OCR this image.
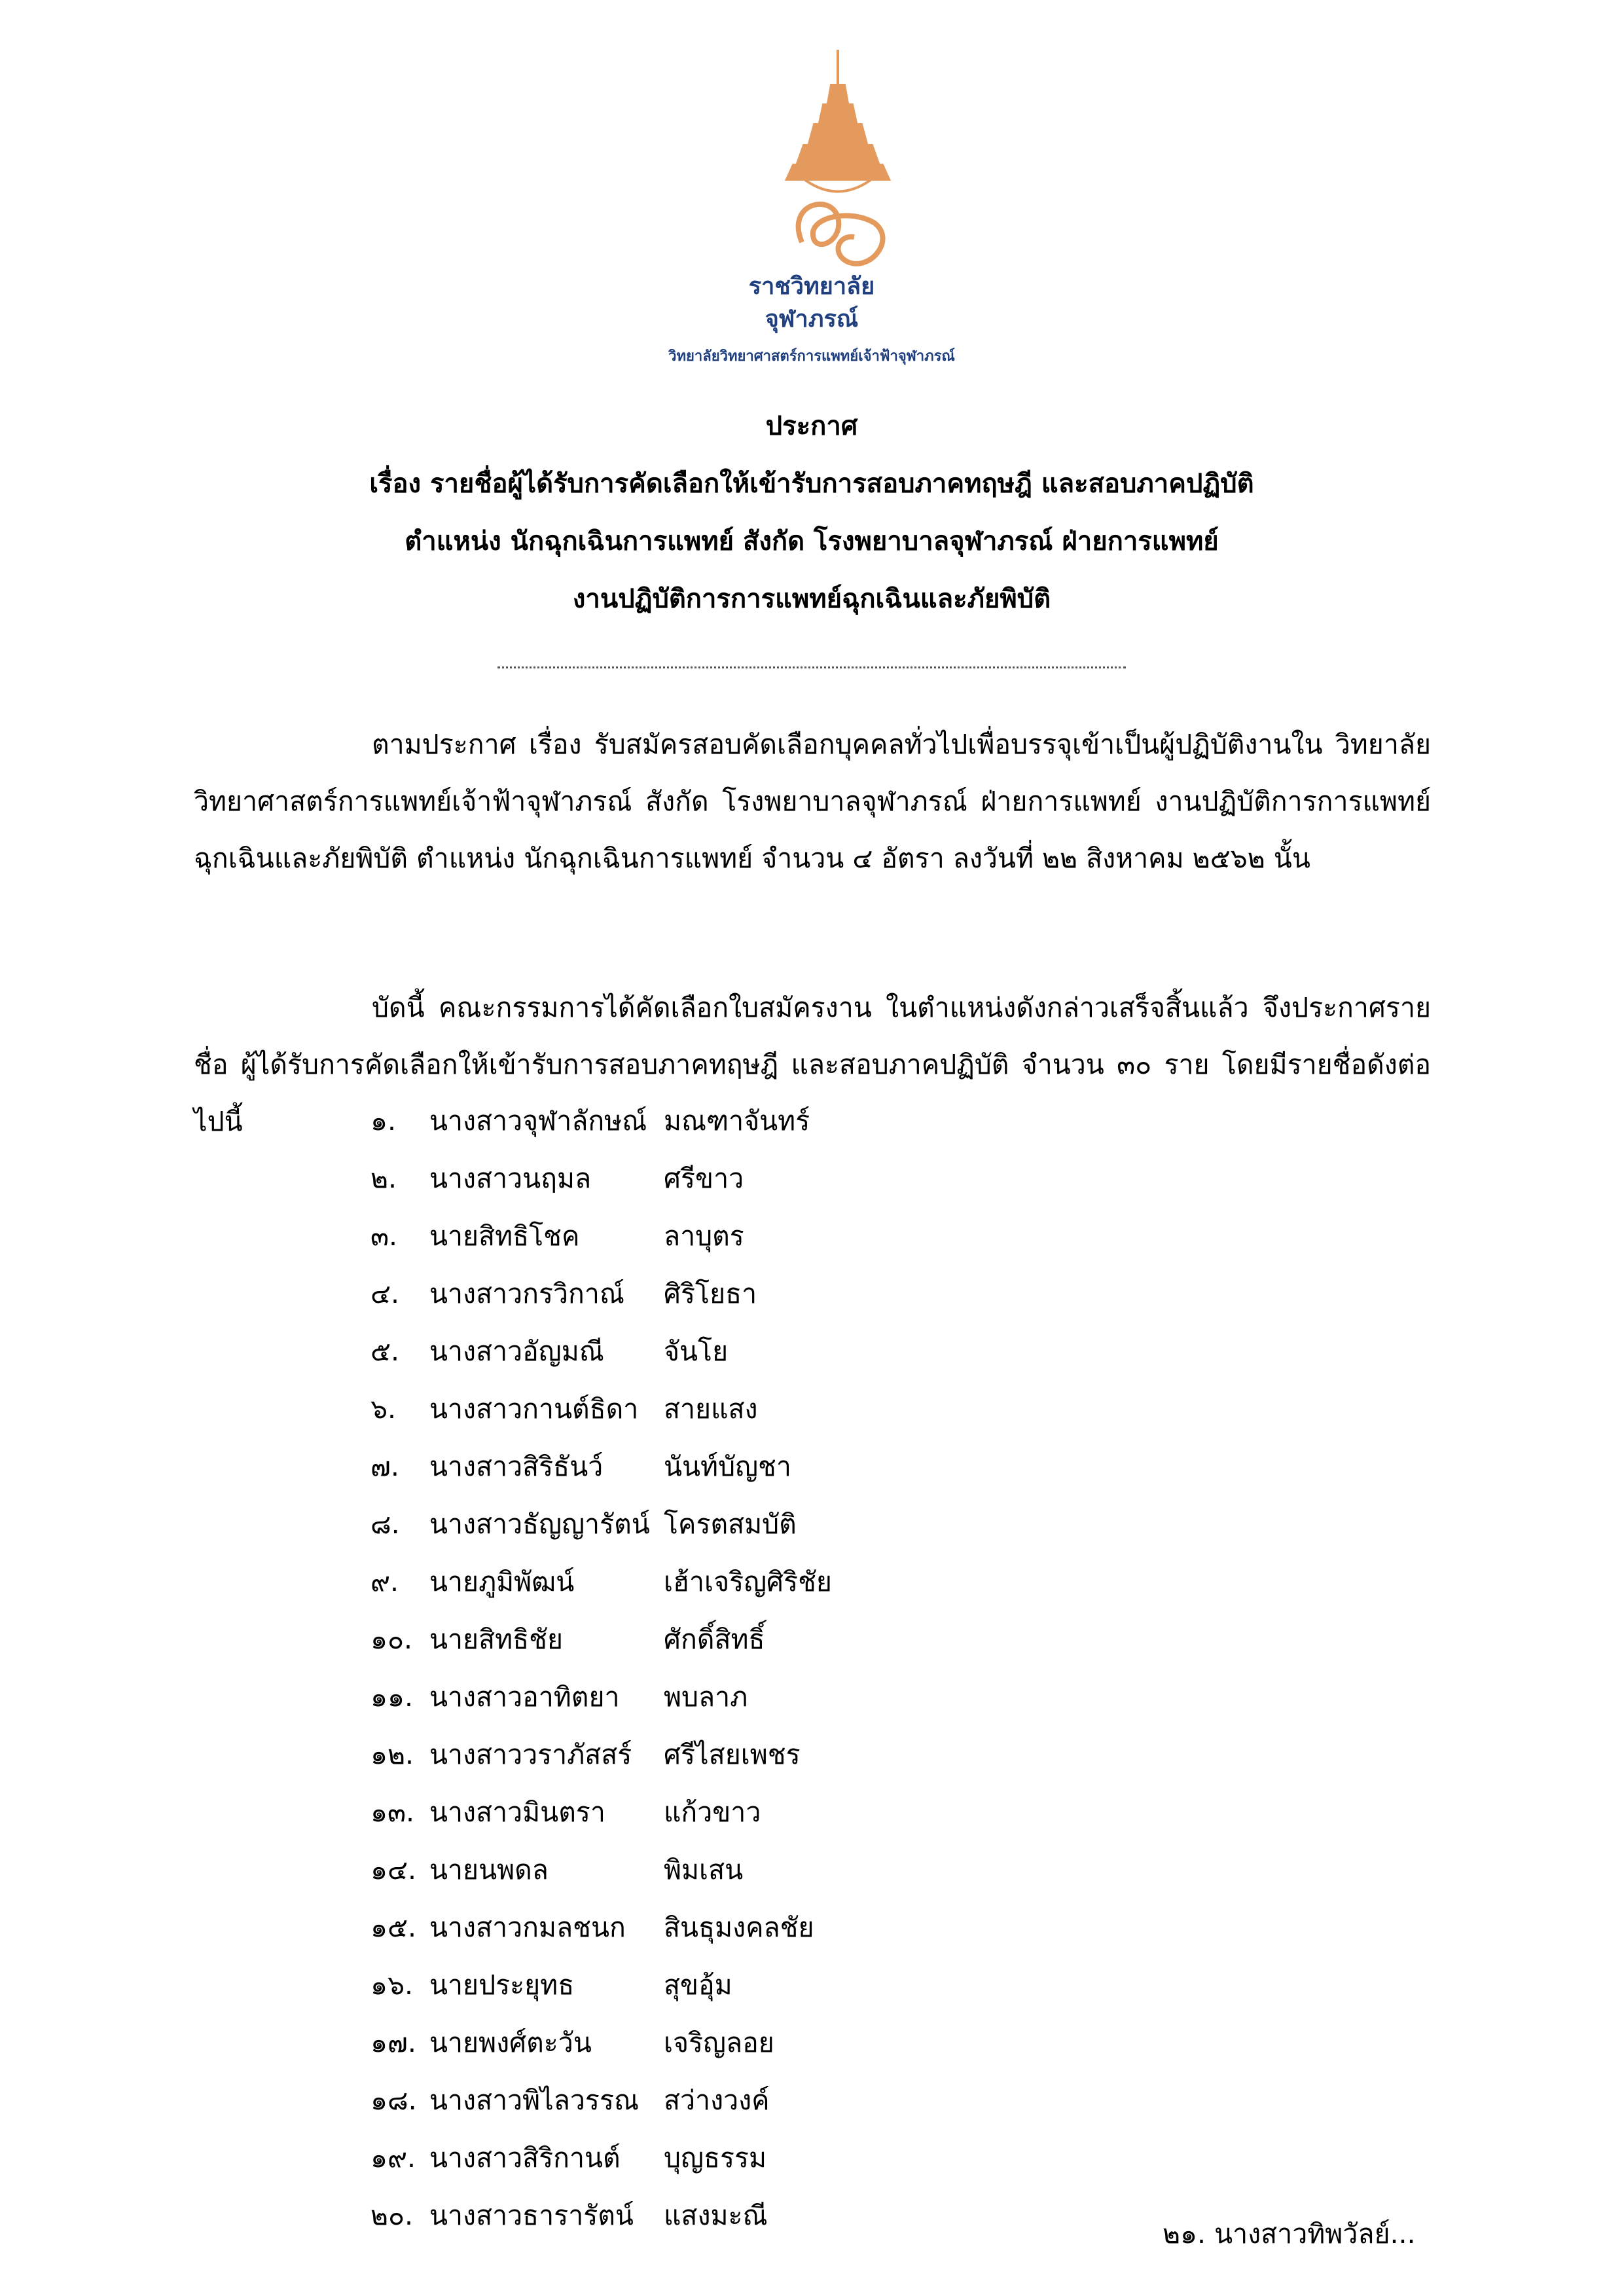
ราชวิทยาลัย
จุฬาภรณ์
วิทยาลัยวิทยาศาสตร์การแพทย์เจ้าฟ้าจุฬาภรณ์
ประกาศ
เรื่อง รายชื่อผู้ได้รับการคัดเลือกให้เข้ารับการสอบภาคทฤษฎี และสอบภาคปฏิบัติ
ตำแหน่ง นักฉุกเฉินการแพทย์ สังกัด โรงพยาบาลจุฬาภรณ์ ฝ่ายการแพทย์
งานปฏิบัติการการแพทย์ฉุกเฉินและภัยพิบัติ

ตามประกาศ เรื่อง รับสมัครสอบคัดเลือกบุคคลทั่วไปเพื่อบรรจุเข้าเป็นผู้ปฏิบัติงานใน วิทยาลัยวิทยาศาสตร์การแพทย์เจ้าฟ้าจุฬาภรณ์ สังกัด โรงพยาบาลจุฬาภรณ์ ฝ่ายการแพทย์ งานปฏิบัติการการแพทย์ฉุกเฉินและภัยพิบัติ ตำแหน่ง นักฉุกเฉินการแพทย์ จำนวน ๔ อัตรา ลงวันที่ ๒๒ สิงหาคม ๒๕๖๒ นั้น

บัดนี้ คณะกรรมการได้คัดเลือกใบสมัครงาน ในตำแหน่งดังกล่าวเสร็จสิ้นแล้ว จึงประกาศรายชื่อ ผู้ได้รับการคัดเลือกให้เข้ารับการสอบภาคทฤษฎี และสอบภาคปฏิบัติ จำนวน ๓๐ ราย โดยมีรายชื่อดังต่อไปนี้	๑. นางสาวจุฬาลักษณ์ มณฑาจันทร์
๒. นางสาวนฤมล	ศรีขาว
๓. นายสิทธิโชค	ลาบุตร
๔. นางสาวกรวิกาณ์ ศิริโยธา
๕. นางสาวอัญมณี จันโย
๖. นางสาวกานต์ธิดา สายแสง
๗. นางสาวสิริธันว์ นันท์บัญชา
๘. นางสาวธัญญารัตน์ โครตสมบัติ
๙. นายภูมิพัฒน์	เฮ้าเจริญศิริชัย
๑๐. นายสิทธิชัย	ศักดิ์สิทธิ์
๑๑. นางสาวอาทิตยา พบลาภ
๑๒. นางสาววราภัสสร์ ศรีไสยเพชร
๑๓. นางสาวมินตรา แก้วขาว
๑๔. นายนพดล	พิมเสน
๑๕. นางสาวกมลชนก สินธุมงคลชัย
๑๖. นายประยุทธ	สุขอุ้ม
๑๗. นายพงศ์ตะวัน	เจริญลอย
๑๘. นางสาวพิไลวรรณ สว่างวงค์
๑๙. นางสาวสิริกานต์ บุญธรรม
๒๐. นางสาวธารารัตน์ แสงมะณี
๒๑. นางสาวทิพวัลย์...
